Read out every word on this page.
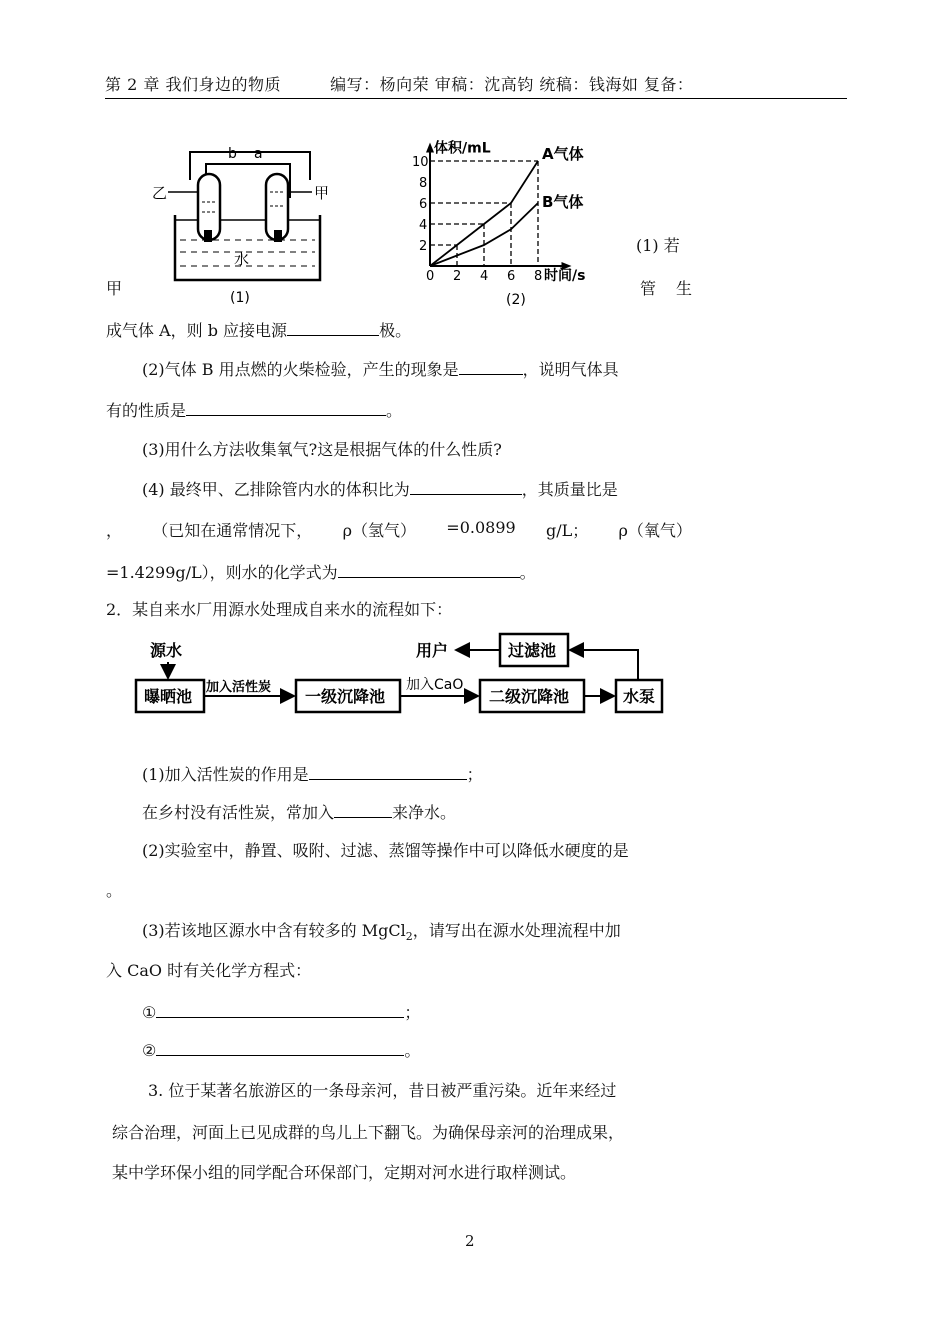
第 2 章 我们身边的物质	编写：杨向荣 审稿：沈高钧 统稿：钱海如 复备：
b a
乙	甲
水
(1)
体积/mL
时间/s
0 2 4 6 8
2
4
6
8
10	A气体
B气体
(2)
(1) 若
甲	管 生
成气体 A，则 b 应接电源	极。
(2)气体 B 用点燃的火柴检验，产生的现象是	，说明气体具
有的性质是	。
(3)用什么方法收集氧气?这是根据气体的什么性质?
(4) 最终甲、乙排除管内水的体积比为	，其质量比是
， （已知在通常情况下， ρ（氢气） =0.0899 g/L； ρ（氧气）
=1.4299g/L），则水的化学式为	。
2．某自来水厂用源水处理成自来水的流程如下：
源水
曝晒池 加入活性炭 一级沉降池
加入CaO
二级沉降池	水泵
过滤池
用户
(1)加入活性炭的作用是	；
在乡村没有活性炭，常加入	来净水。
(2)实验室中，静置、吸附、过滤、蒸馏等操作中可以降低水硬度的是
。
(3)若该地区源水中含有较多的 MgCl$_2$，请写出在源水处理流程中加
入 CaO 时有关化学方程式：
①	；
②	。
3. 位于某著名旅游区的一条母亲河，昔日被严重污染。近年来经过
综合治理，河面上已见成群的鸟儿上下翻飞。为确保母亲河的治理成果，
某中学环保小组的同学配合环保部门，定期对河水进行取样测试。
2
